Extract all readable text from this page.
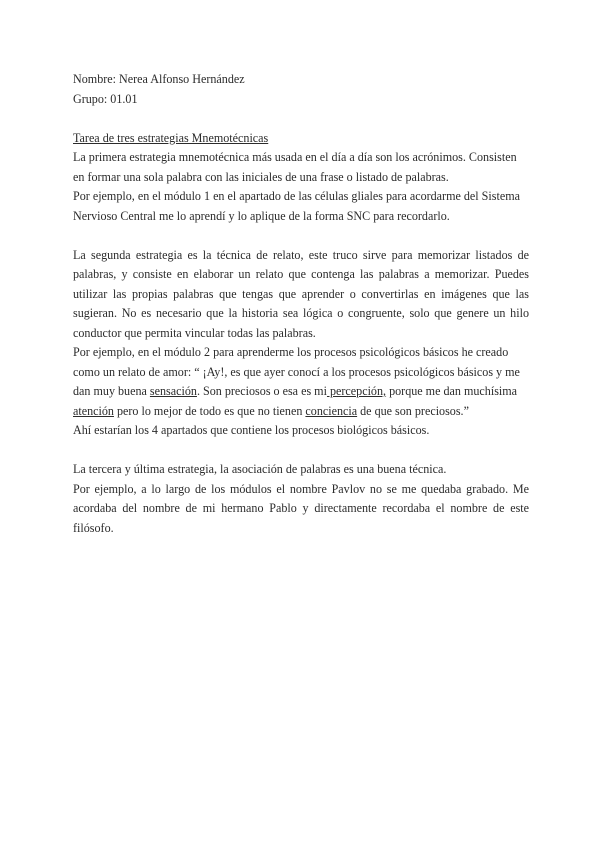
Nombre: Nerea Alfonso Hernández
Grupo: 01.01
Tarea de tres estrategias Mnemotécnicas

La primera estrategia mnemotécnica más usada en el día a día son los acrónimos. Consisten en formar una sola palabra con las iniciales de una frase o listado de palabras.

Por ejemplo, en el módulo 1 en el apartado de las células gliales para acordarme del Sistema Nervioso Central me lo aprendí y lo aplique de la forma SNC para recordarlo.

La segunda estrategia es la técnica de relato, este truco sirve para memorizar listados de palabras, y consiste en elaborar un relato que contenga las palabras a memorizar. Puedes utilizar las propias palabras que tengas que aprender o convertirlas en imágenes que las sugieran. No es necesario que la historia sea lógica o congruente, solo que genere un hilo conductor que permita vincular todas las palabras.

Por ejemplo, en el módulo 2 para aprenderme los procesos psicológicos básicos he creado como un relato de amor: “ ¡Ay!, es que ayer conocí a los procesos psicológicos básicos y me dan muy buena sensación. Son preciosos o esa es mi percepción, porque me dan muchísima atención pero lo mejor de todo es que no tienen conciencia de que son preciosos.”

Ahí estarían los 4 apartados que contiene los procesos biológicos básicos.

La tercera y última estrategia, la asociación de palabras es una buena técnica.

Por ejemplo, a lo largo de los módulos el nombre Pavlov no se me quedaba grabado. Me acordaba del nombre de mi hermano Pablo y directamente recordaba el nombre de este filósofo.
